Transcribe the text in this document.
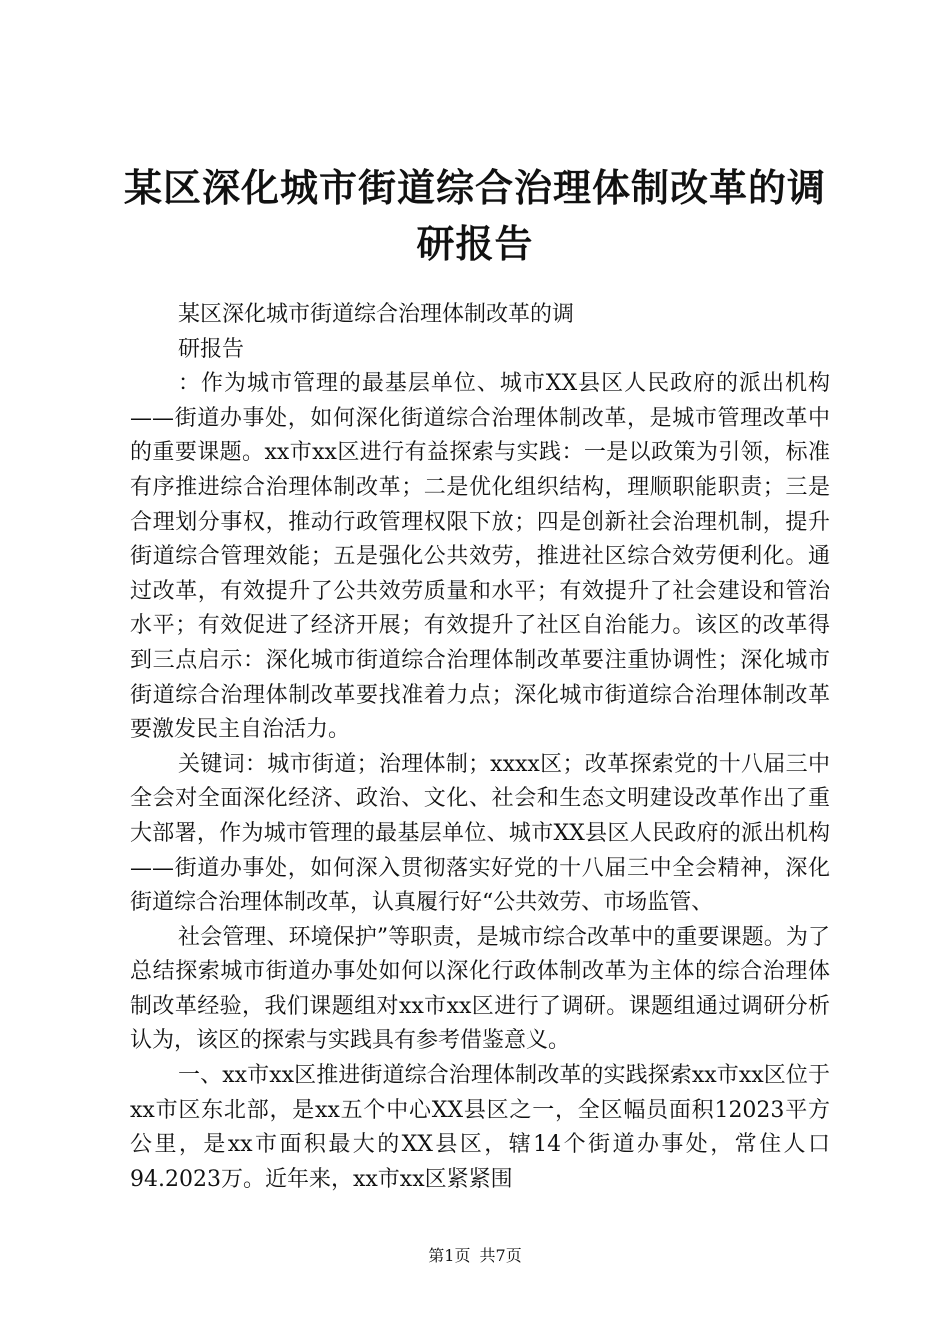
某区深化城市街道综合治理体制改革的调研报告

某区深化城市街道综合治理体制改革的调

研报告

：作为城市管理的最基层单位、城市XX县区人民政府的派出机构——街道办事处，如何深化街道综合治理体制改革，是城市管理改革中的重要课题。xx市xx区进行有益探索与实践：一是以政策为引领，标准有序推进综合治理体制改革；二是优化组织结构，理顺职能职责；三是合理划分事权，推动行政管理权限下放；四是创新社会治理机制，提升街道综合管理效能；五是强化公共效劳，推进社区综合效劳便利化。通过改革，有效提升了公共效劳质量和水平；有效提升了社会建设和管治水平；有效促进了经济开展；有效提升了社区自治能力。该区的改革得到三点启示：深化城市街道综合治理体制改革要注重协调性；深化城市街道综合治理体制改革要找准着力点；深化城市街道综合治理体制改革要激发民主自治活力。

关键词：城市街道；治理体制；xxxx区；改革探索党的十八届三中全会对全面深化经济、政治、文化、社会和生态文明建设改革作出了重大部署，作为城市管理的最基层单位、城市XX县区人民政府的派出机构——街道办事处，如何深入贯彻落实好党的十八届三中全会精神，深化街道综合治理体制改革，认真履行好“公共效劳、市场监管、

社会管理、环境保护”等职责，是城市综合改革中的重要课题。为了总结探索城市街道办事处如何以深化行政体制改革为主体的综合治理体制改革经验，我们课题组对xx市xx区进行了调研。课题组通过调研分析认为，该区的探索与实践具有参考借鉴意义。

一、xx市xx区推进街道综合治理体制改革的实践探索xx市xx区位于xx市区东北部，是xx五个中心XX县区之一，全区幅员面积12023平方公里，是xx市面积最大的XX县区，辖14个街道办事处，常住人口94.2023万。近年来，xx市xx区紧紧围

第1页 共7页
